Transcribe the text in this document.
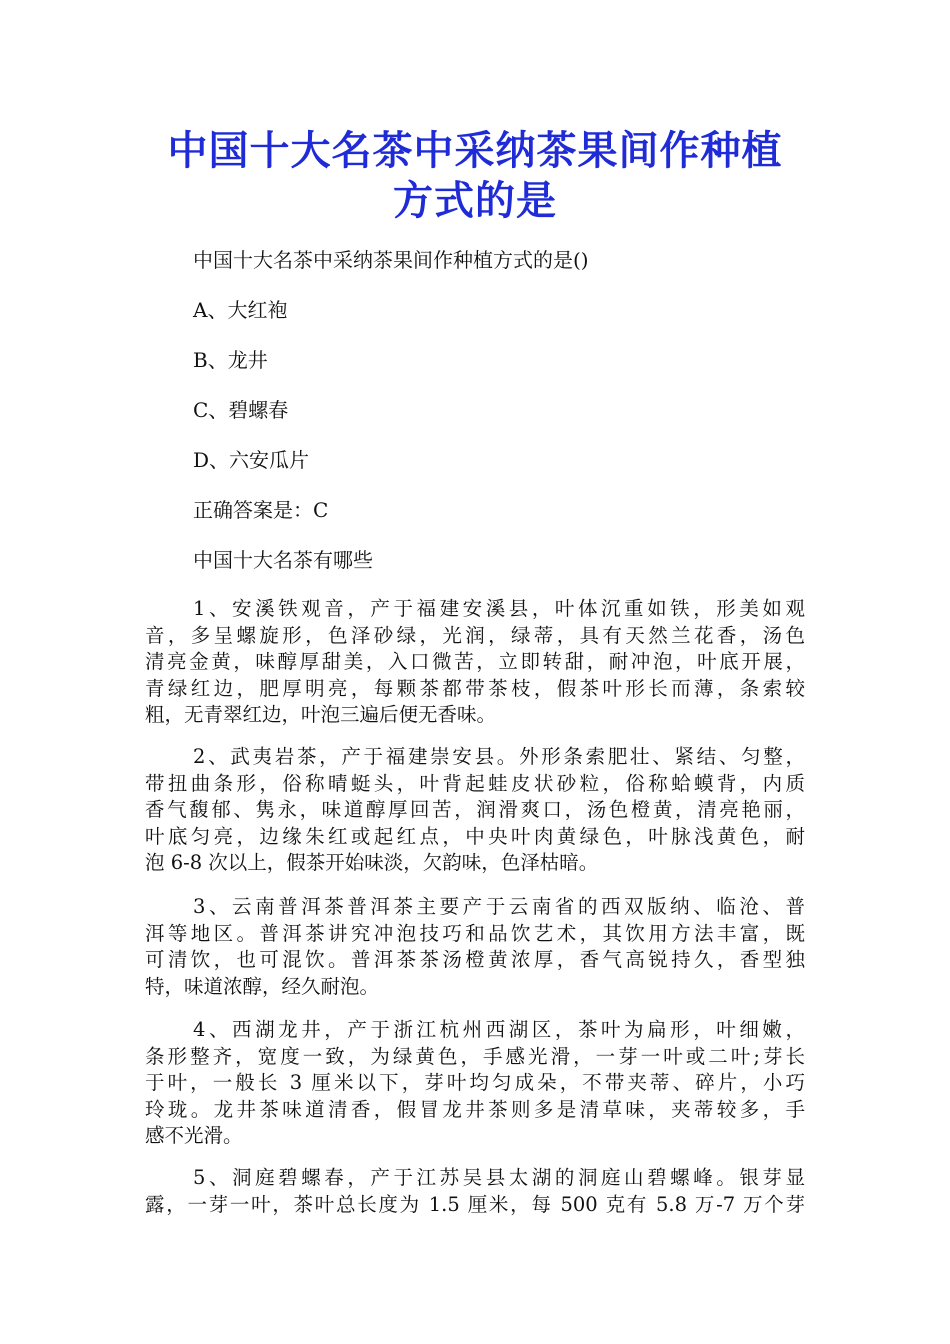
中国十大名茶中采纳茶果间作种植
方式的是
中国十大名茶中采纳茶果间作种植方式的是()
A、大红袍
B、龙井
C、碧螺春
D、六安瓜片
正确答案是：C
中国十大名茶有哪些
1、安溪铁观音，产于福建安溪县，叶体沉重如铁，形美如观
音，多呈螺旋形，色泽砂绿，光润，绿蒂，具有天然兰花香，汤色
清亮金黄，味醇厚甜美，入口微苦，立即转甜，耐冲泡，叶底开展，
青绿红边，肥厚明亮，每颗茶都带茶枝，假茶叶形长而薄，条索较
粗，无青翠红边，叶泡三遍后便无香味。
2、武夷岩茶，产于福建崇安县。外形条索肥壮、紧结、匀整，
带扭曲条形，俗称晴蜓头，叶背起蛙皮状砂粒，俗称蛤蟆背，内质
香气馥郁、隽永，味道醇厚回苦，润滑爽口，汤色橙黄，清亮艳丽，
叶底匀亮，边缘朱红或起红点，中央叶肉黄绿色，叶脉浅黄色，耐
泡 6-8 次以上，假茶开始味淡，欠韵味，色泽枯暗。
3、云南普洱茶普洱茶主要产于云南省的西双版纳、临沧、普
洱等地区。普洱茶讲究冲泡技巧和品饮艺术，其饮用方法丰富，既
可清饮，也可混饮。普洱茶茶汤橙黄浓厚，香气高锐持久，香型独
特，味道浓醇，经久耐泡。
4、西湖龙井，产于浙江杭州西湖区，茶叶为扁形，叶细嫩，
条形整齐，宽度一致，为绿黄色，手感光滑，一芽一叶或二叶;芽长
于叶，一般长 3 厘米以下，芽叶均匀成朵，不带夹蒂、碎片，小巧
玲珑。龙井茶味道清香，假冒龙井茶则多是清草味，夹蒂较多，手
感不光滑。
5、洞庭碧螺春，产于江苏吴县太湖的洞庭山碧螺峰。银芽显
露，一芽一叶，茶叶总长度为 1.5 厘米，每 500 克有 5.8 万-7 万个芽
